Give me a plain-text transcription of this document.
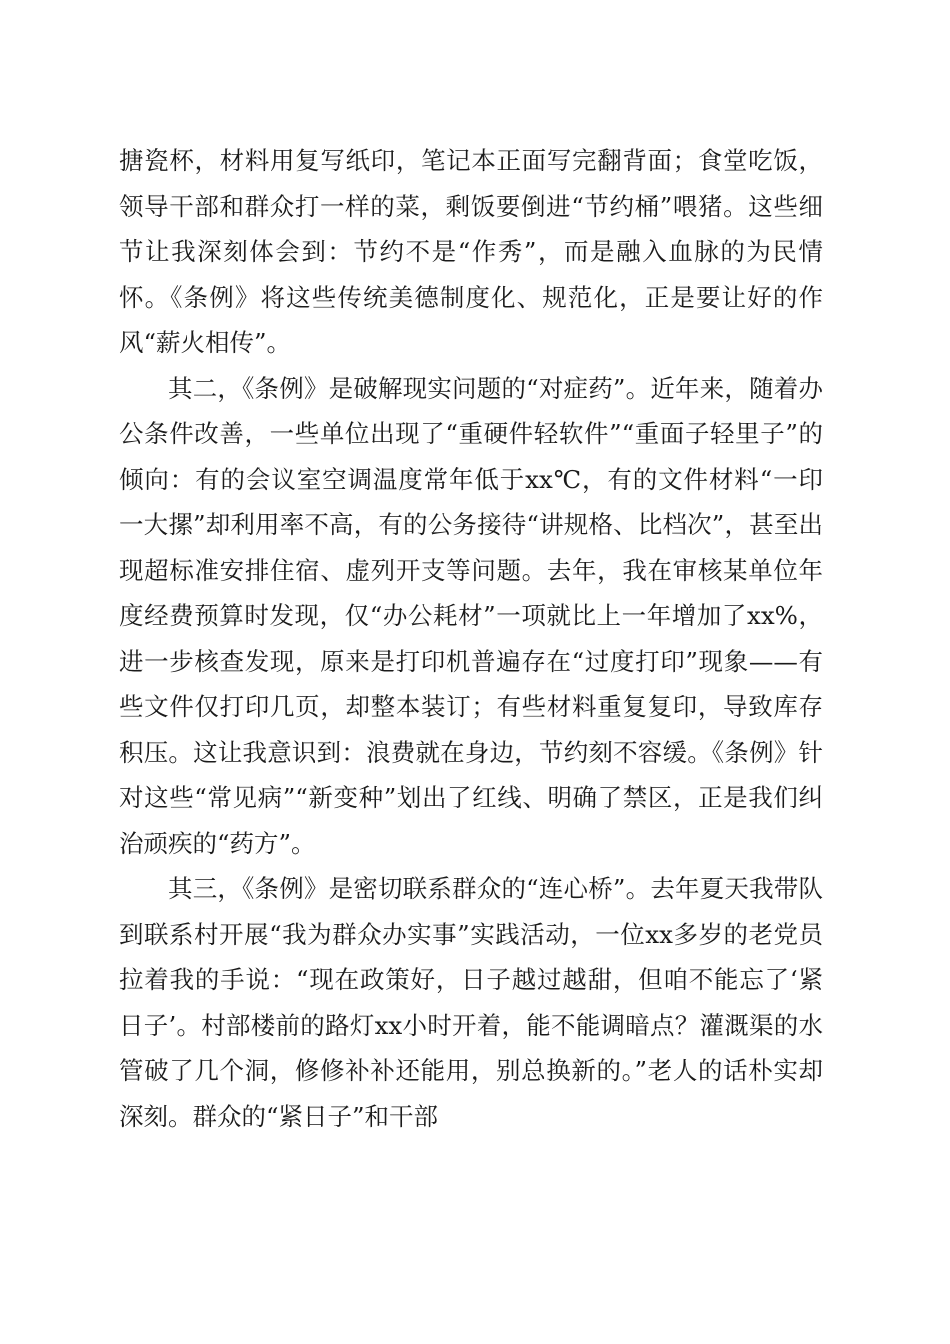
搪瓷杯，材料用复写纸印，笔记本正面写完翻背面；食堂吃饭，领导干部和群众打一样的菜，剩饭要倒进“节约桶”喂猪。这些细节让我深刻体会到：节约不是“作秀”，而是融入血脉的为民情怀。《条例》将这些传统美德制度化、规范化，正是要让好的作风“薪火相传”。

其二，《条例》是破解现实问题的“对症药”。近年来，随着办公条件改善，一些单位出现了“重硬件轻软件”“重面子轻里子”的倾向：有的会议室空调温度常年低于xx℃，有的文件材料“一印一大摞”却利用率不高，有的公务接待“讲规格、比档次”，甚至出现超标准安排住宿、虚列开支等问题。去年，我在审核某单位年度经费预算时发现，仅“办公耗材”一项就比上一年增加了xx%，进一步核查发现，原来是打印机普遍存在“过度打印”现象——有些文件仅打印几页，却整本装订；有些材料重复复印，导致库存积压。这让我意识到：浪费就在身边，节约刻不容缓。《条例》针对这些“常见病”“新变种”划出了红线、明确了禁区，正是我们纠治顽疾的“药方”。

其三，《条例》是密切联系群众的“连心桥”。去年夏天我带队到联系村开展“我为群众办实事”实践活动，一位xx多岁的老党员拉着我的手说：“现在政策好，日子越过越甜，但咱不能忘了‘紧日子’。村部楼前的路灯xx小时开着，能不能调暗点？灌溉渠的水管破了几个洞，修修补补还能用，别总换新的。”老人的话朴实却深刻。群众的“紧日子”和干部
